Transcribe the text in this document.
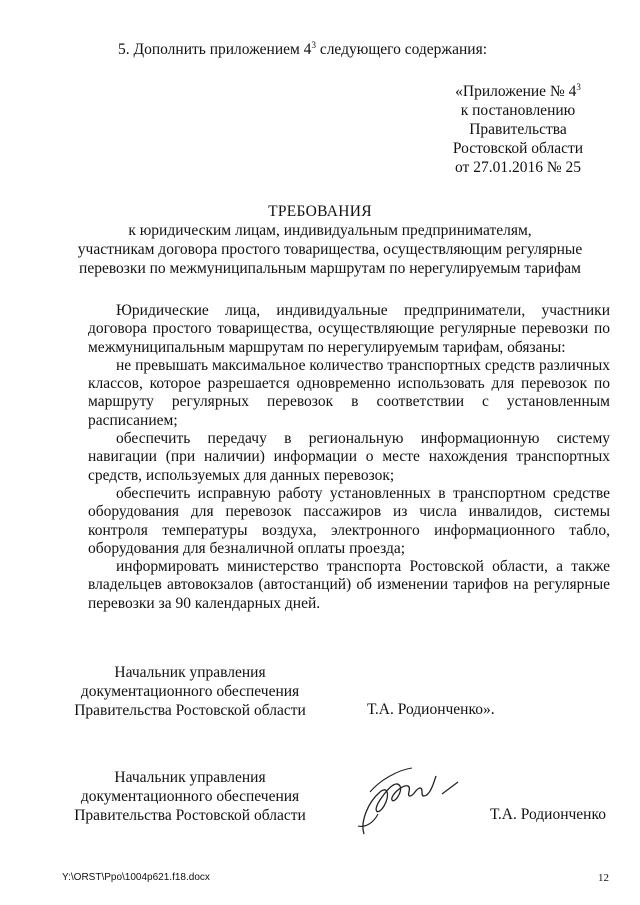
5. Дополнить приложением $4^3$ следующего содержания:
«Приложение № $4^3$
к постановлению
Правительства
Ростовской области
от 27.01.2016 № 25
ТРЕБОВАНИЯ
к юридическим лицам, индивидуальным предпринимателям,
участникам договора простого товарищества, осуществляющим регулярные
перевозки по межмуниципальным маршрутам по нерегулируемым тарифам

Юридические лица, индивидуальные предприниматели, участники договора простого товарищества, осуществляющие регулярные перевозки по межмуниципальным маршрутам по нерегулируемым тарифам, обязаны:

не превышать максимальное количество транспортных средств различных классов, которое разрешается одновременно использовать для перевозок по маршруту регулярных перевозок в соответствии с установленным расписанием;

обеспечить передачу в региональную информационную систему навигации (при наличии) информации о месте нахождения транспортных средств, используемых для данных перевозок;

обеспечить исправную работу установленных в транспортном средстве оборудования для перевозок пассажиров из числа инвалидов, системы контроля температуры воздуха, электронного информационного табло, оборудования для безналичной оплаты проезда;

информировать министерство транспорта Ростовской области, а также владельцев автовокзалов (автостанций) об изменении тарифов на регулярные перевозки за 90 календарных дней.

Начальник управления
документационного обеспечения
Правительства Ростовской области	Т.А. Родионченко».
Начальник управления
документационного обеспечения
Правительства Ростовской области	Т.А. Родионченко
Y:\ORST\Ppo\1004p621.f18.docx	12
